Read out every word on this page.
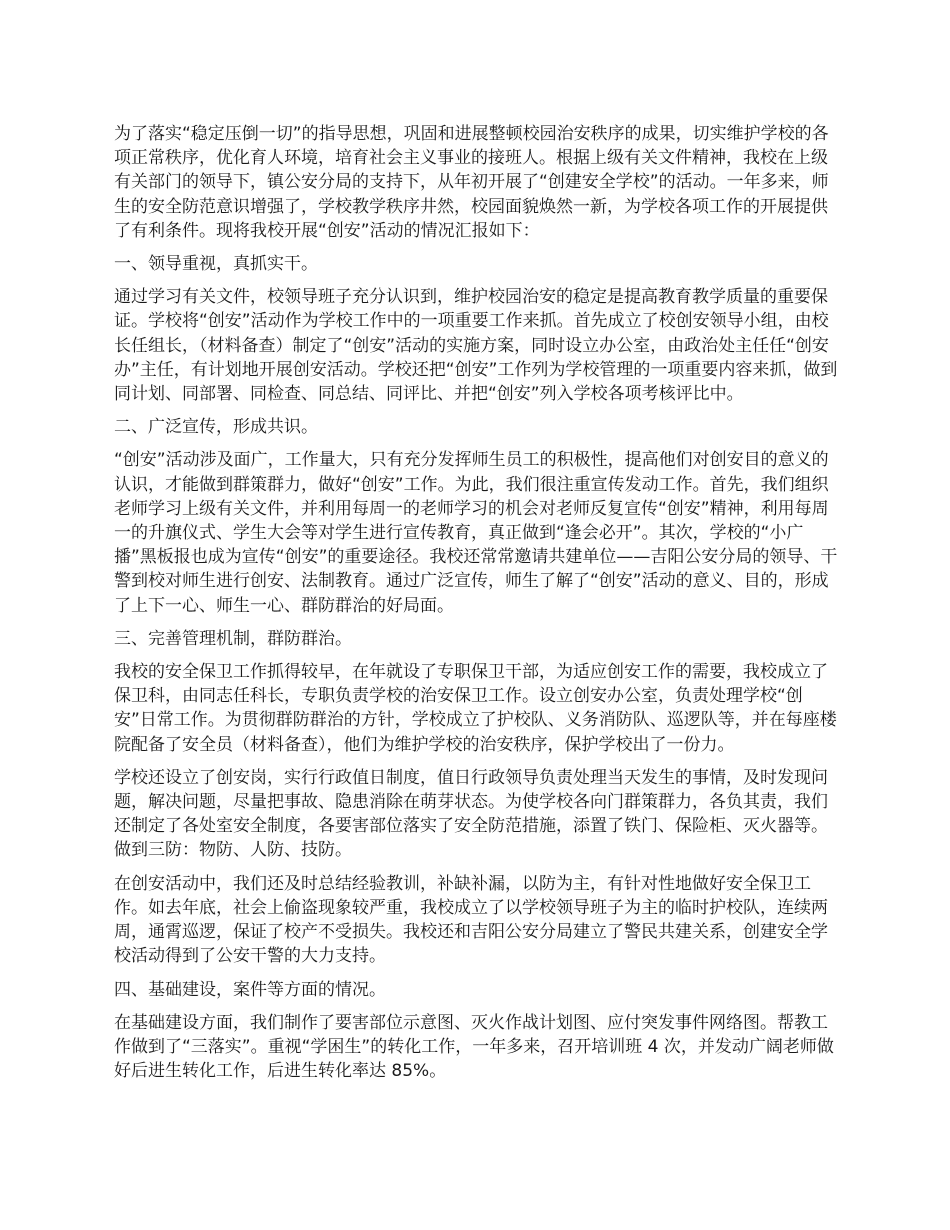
为了落实“稳定压倒一切”的指导思想，巩固和进展整顿校园治安秩序的成果，切实维护学校的各项正常秩序，优化育人环境，培育社会主义事业的接班人。根据上级有关文件精神，我校在上级有关部门的领导下，镇公安分局的支持下，从年初开展了“创建安全学校”的活动。一年多来，师生的安全防范意识增强了，学校教学秩序井然，校园面貌焕然一新，为学校各项工作的开展提供了有利条件。现将我校开展“创安”活动的情况汇报如下：

一、领导重视，真抓实干。

通过学习有关文件，校领导班子充分认识到，维护校园治安的稳定是提高教育教学质量的重要保证。学校将“创安”活动作为学校工作中的一项重要工作来抓。首先成立了校创安领导小组，由校长任组长，（材料备查）制定了“创安”活动的实施方案，同时设立办公室，由政治处主任任“创安办”主任，有计划地开展创安活动。学校还把“创安”工作列为学校管理的一项重要内容来抓，做到同计划、同部署、同检查、同总结、同评比、并把“创安”列入学校各项考核评比中。

二、广泛宣传，形成共识。

“创安”活动涉及面广，工作量大，只有充分发挥师生员工的积极性，提高他们对创安目的意义的认识，才能做到群策群力，做好“创安”工作。为此，我们很注重宣传发动工作。首先，我们组织老师学习上级有关文件，并利用每周一的老师学习的机会对老师反复宣传“创安”精神，利用每周一的升旗仪式、学生大会等对学生进行宣传教育，真正做到“逢会必开”。其次，学校的“小广播”黑板报也成为宣传“创安”的重要途径。我校还常常邀请共建单位——吉阳公安分局的领导、干警到校对师生进行创安、法制教育。通过广泛宣传，师生了解了“创安”活动的意义、目的，形成了上下一心、师生一心、群防群治的好局面。

三、完善管理机制，群防群治。

我校的安全保卫工作抓得较早，在年就设了专职保卫干部，为适应创安工作的需要，我校成立了保卫科，由同志任科长，专职负责学校的治安保卫工作。设立创安办公室，负责处理学校“创安”日常工作。为贯彻群防群治的方针，学校成立了护校队、义务消防队、巡逻队等，并在每座楼院配备了安全员（材料备查），他们为维护学校的治安秩序，保护学校出了一份力。

学校还设立了创安岗，实行行政值日制度，值日行政领导负责处理当天发生的事情，及时发现问题，解决问题，尽量把事故、隐患消除在萌芽状态。为使学校各向门群策群力，各负其责，我们还制定了各处室安全制度，各要害部位落实了安全防范措施，添置了铁门、保险柜、灭火器等。做到三防：物防、人防、技防。

在创安活动中，我们还及时总结经验教训，补缺补漏，以防为主，有针对性地做好安全保卫工作。如去年底，社会上偷盗现象较严重，我校成立了以学校领导班子为主的临时护校队，连续两周，通霄巡逻，保证了校产不受损失。我校还和吉阳公安分局建立了警民共建关系，创建安全学校活动得到了公安干警的大力支持。

四、基础建设，案件等方面的情况。

在基础建设方面，我们制作了要害部位示意图、灭火作战计划图、应付突发事件网络图。帮教工作做到了“三落实”。重视“学困生”的转化工作，一年多来，召开培训班 4 次，并发动广阔老师做好后进生转化工作，后进生转化率达 85%。
